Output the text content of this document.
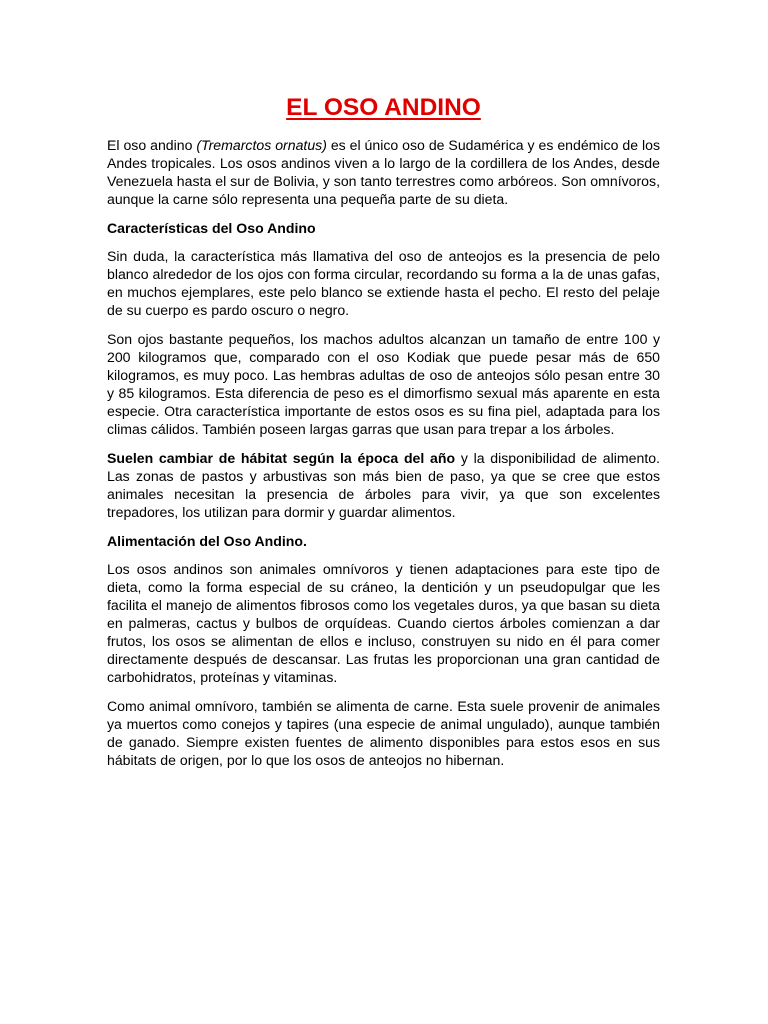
EL OSO ANDINO

El oso andino (Tremarctos ornatus) es el único oso de Sudamérica y es endémico de los Andes tropicales. Los osos andinos viven a lo largo de la cordillera de los Andes, desde Venezuela hasta el sur de Bolivia, y son tanto terrestres como arbóreos. Son omnívoros, aunque la carne sólo representa una pequeña parte de su dieta.

Características del Oso Andino

Sin duda, la característica más llamativa del oso de anteojos es la presencia de pelo blanco alrededor de los ojos con forma circular, recordando su forma a la de unas gafas, en muchos ejemplares, este pelo blanco se extiende hasta el pecho. El resto del pelaje de su cuerpo es pardo oscuro o negro.

Son ojos bastante pequeños, los machos adultos alcanzan un tamaño de entre 100 y 200 kilogramos que, comparado con el oso Kodiak que puede pesar más de 650 kilogramos, es muy poco. Las hembras adultas de oso de anteojos sólo pesan entre 30 y 85 kilogramos. Esta diferencia de peso es el dimorfismo sexual más aparente en esta especie. Otra característica importante de estos osos es su fina piel, adaptada para los climas cálidos. También poseen largas garras que usan para trepar a los árboles.

Suelen cambiar de hábitat según la época del año y la disponibilidad de alimento. Las zonas de pastos y arbustivas son más bien de paso, ya que se cree que estos animales necesitan la presencia de árboles para vivir, ya que son excelentes trepadores, los utilizan para dormir y guardar alimentos.

Alimentación del Oso Andino.

Los osos andinos son animales omnívoros y tienen adaptaciones para este tipo de dieta, como la forma especial de su cráneo, la dentición y un pseudopulgar que les facilita el manejo de alimentos fibrosos como los vegetales duros, ya que basan su dieta en palmeras, cactus y bulbos de orquídeas. Cuando ciertos árboles comienzan a dar frutos, los osos se alimentan de ellos e incluso, construyen su nido en él para comer directamente después de descansar. Las frutas les proporcionan una gran cantidad de carbohidratos, proteínas y vitaminas.

Como animal omnívoro, también se alimenta de carne. Esta suele provenir de animales ya muertos como conejos y tapires (una especie de animal ungulado), aunque también de ganado. Siempre existen fuentes de alimento disponibles para estos esos en sus hábitats de origen, por lo que los osos de anteojos no hibernan.
